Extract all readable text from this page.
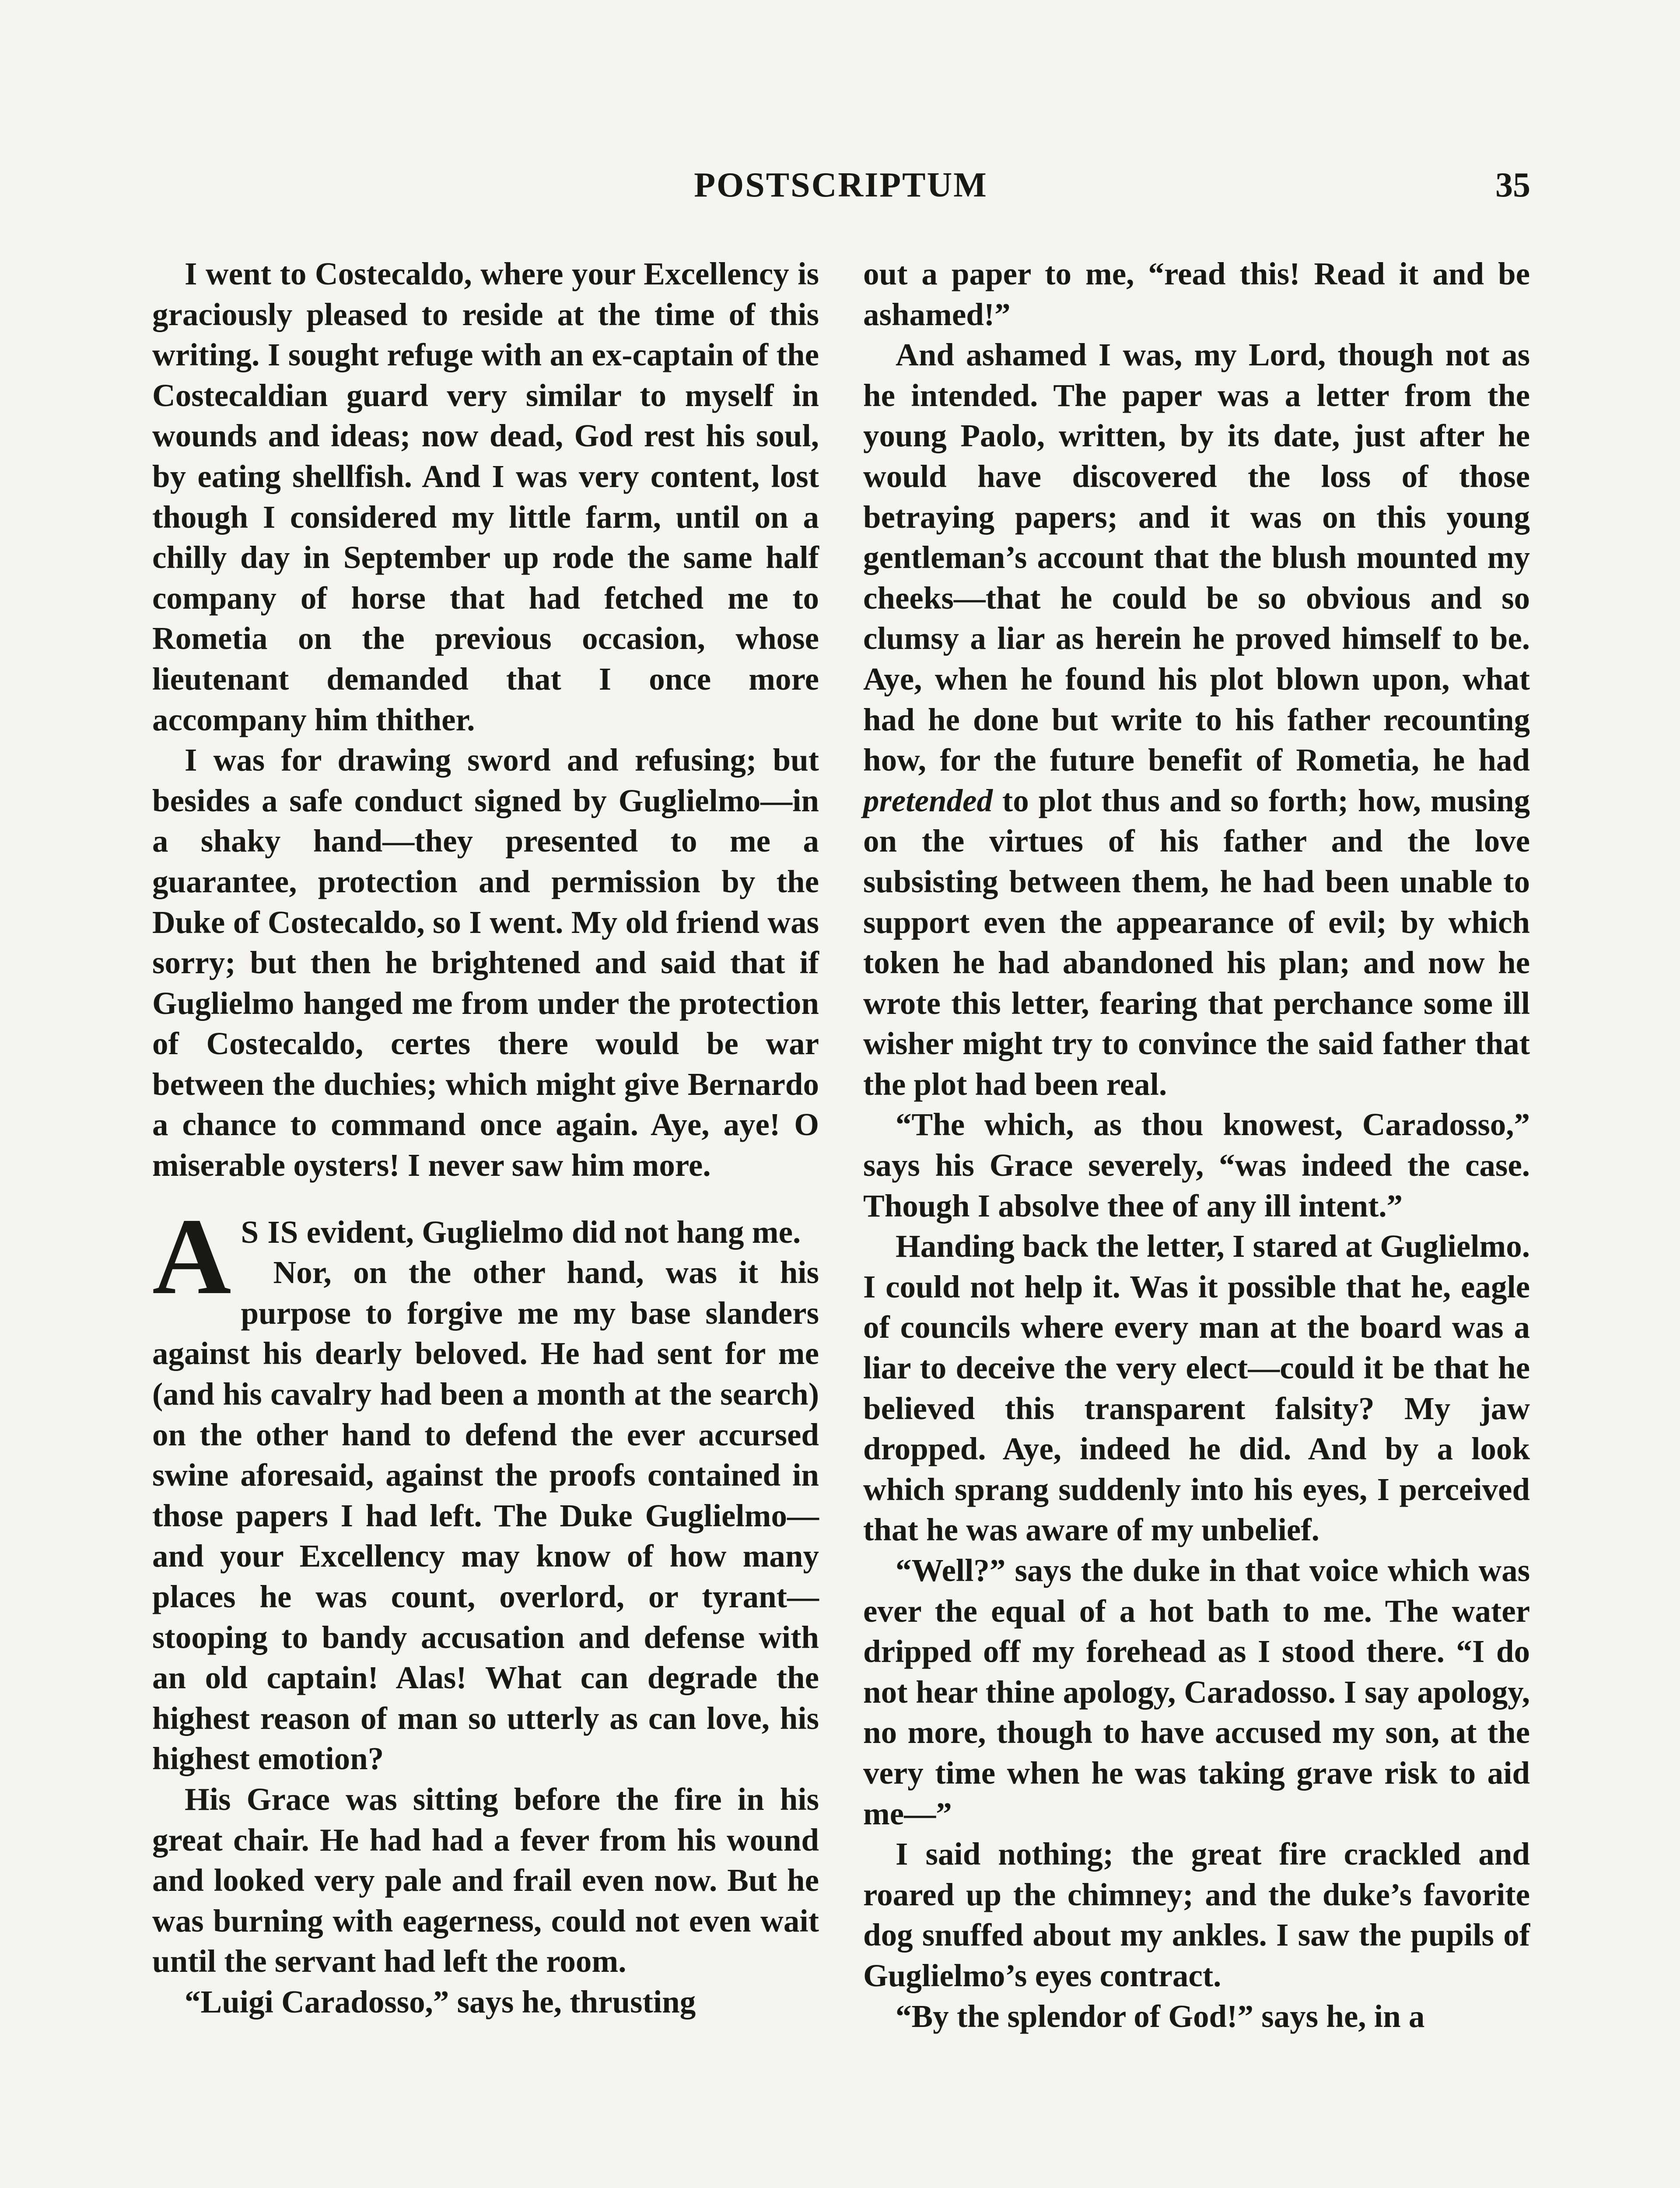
POSTSCRIPTUM	35

I went to Costecaldo, where your Excellency is graciously pleased to reside at the time of this writing. I sought refuge with an ex-captain of the Costecaldian guard very similar to myself in wounds and ideas; now dead, God rest his soul, by eating shellfish. And I was very content, lost though I considered my little farm, until on a chilly day in September up rode the same half company of horse that had fetched me to Rometia on the previous occasion, whose lieutenant demanded that I once more accompany him thither.

I was for drawing sword and refusing; but besides a safe conduct signed by Guglielmo—in a shaky hand—they presented to me a guarantee, protection and permission by the Duke of Costecaldo, so I went. My old friend was sorry; but then he brightened and said that if Guglielmo hanged me from under the protection of Costecaldo, certes there would be war between the duchies; which might give Bernardo a chance to command once again. Aye, aye! O miserable oysters! I never saw him more.

A S IS evident, Guglielmo did not hang me.

Nor, on the other hand, was it his purpose to forgive me my base slanders against his dearly beloved. He had sent for me (and his cavalry had been a month at the search) on the other hand to defend the ever accursed swine aforesaid, against the proofs contained in those papers I had left. The Duke Guglielmo—and your Excellency may know of how many places he was count, overlord, or tyrant—stooping to bandy accusation and defense with an old captain! Alas! What can degrade the highest reason of man so utterly as can love, his highest emotion?

His Grace was sitting before the fire in his great chair. He had had a fever from his wound and looked very pale and frail even now. But he was burning with eagerness, could not even wait until the servant had left the room.

“Luigi Caradosso,” says he, thrusting

out a paper to me, “read this! Read it and be ashamed!”

And ashamed I was, my Lord, though not as he intended. The paper was a letter from the young Paolo, written, by its date, just after he would have discovered the loss of those betraying papers; and it was on this young gentleman’s account that the blush mounted my cheeks—that he could be so obvious and so clumsy a liar as herein he proved himself to be. Aye, when he found his plot blown upon, what had he done but write to his father recounting how, for the future benefit of Rometia, he had pretended to plot thus and so forth; how, musing on the virtues of his father and the love subsisting between them, he had been unable to support even the appearance of evil; by which token he had abandoned his plan; and now he wrote this letter, fearing that perchance some ill wisher might try to convince the said father that the plot had been real.

“The which, as thou knowest, Caradosso,” says his Grace severely, “was indeed the case. Though I absolve thee of any ill intent.”

Handing back the letter, I stared at Guglielmo. I could not help it. Was it possible that he, eagle of councils where every man at the board was a liar to deceive the very elect—could it be that he believed this transparent falsity? My jaw dropped. Aye, indeed he did. And by a look which sprang suddenly into his eyes, I perceived that he was aware of my unbelief.

“Well?” says the duke in that voice which was ever the equal of a hot bath to me. The water dripped off my forehead as I stood there. “I do not hear thine apology, Caradosso. I say apology, no more, though to have accused my son, at the very time when he was taking grave risk to aid me—”

I said nothing; the great fire crackled and roared up the chimney; and the duke’s favorite dog snuffed about my ankles. I saw the pupils of Guglielmo’s eyes contract.

“By the splendor of God!” says he, in a
